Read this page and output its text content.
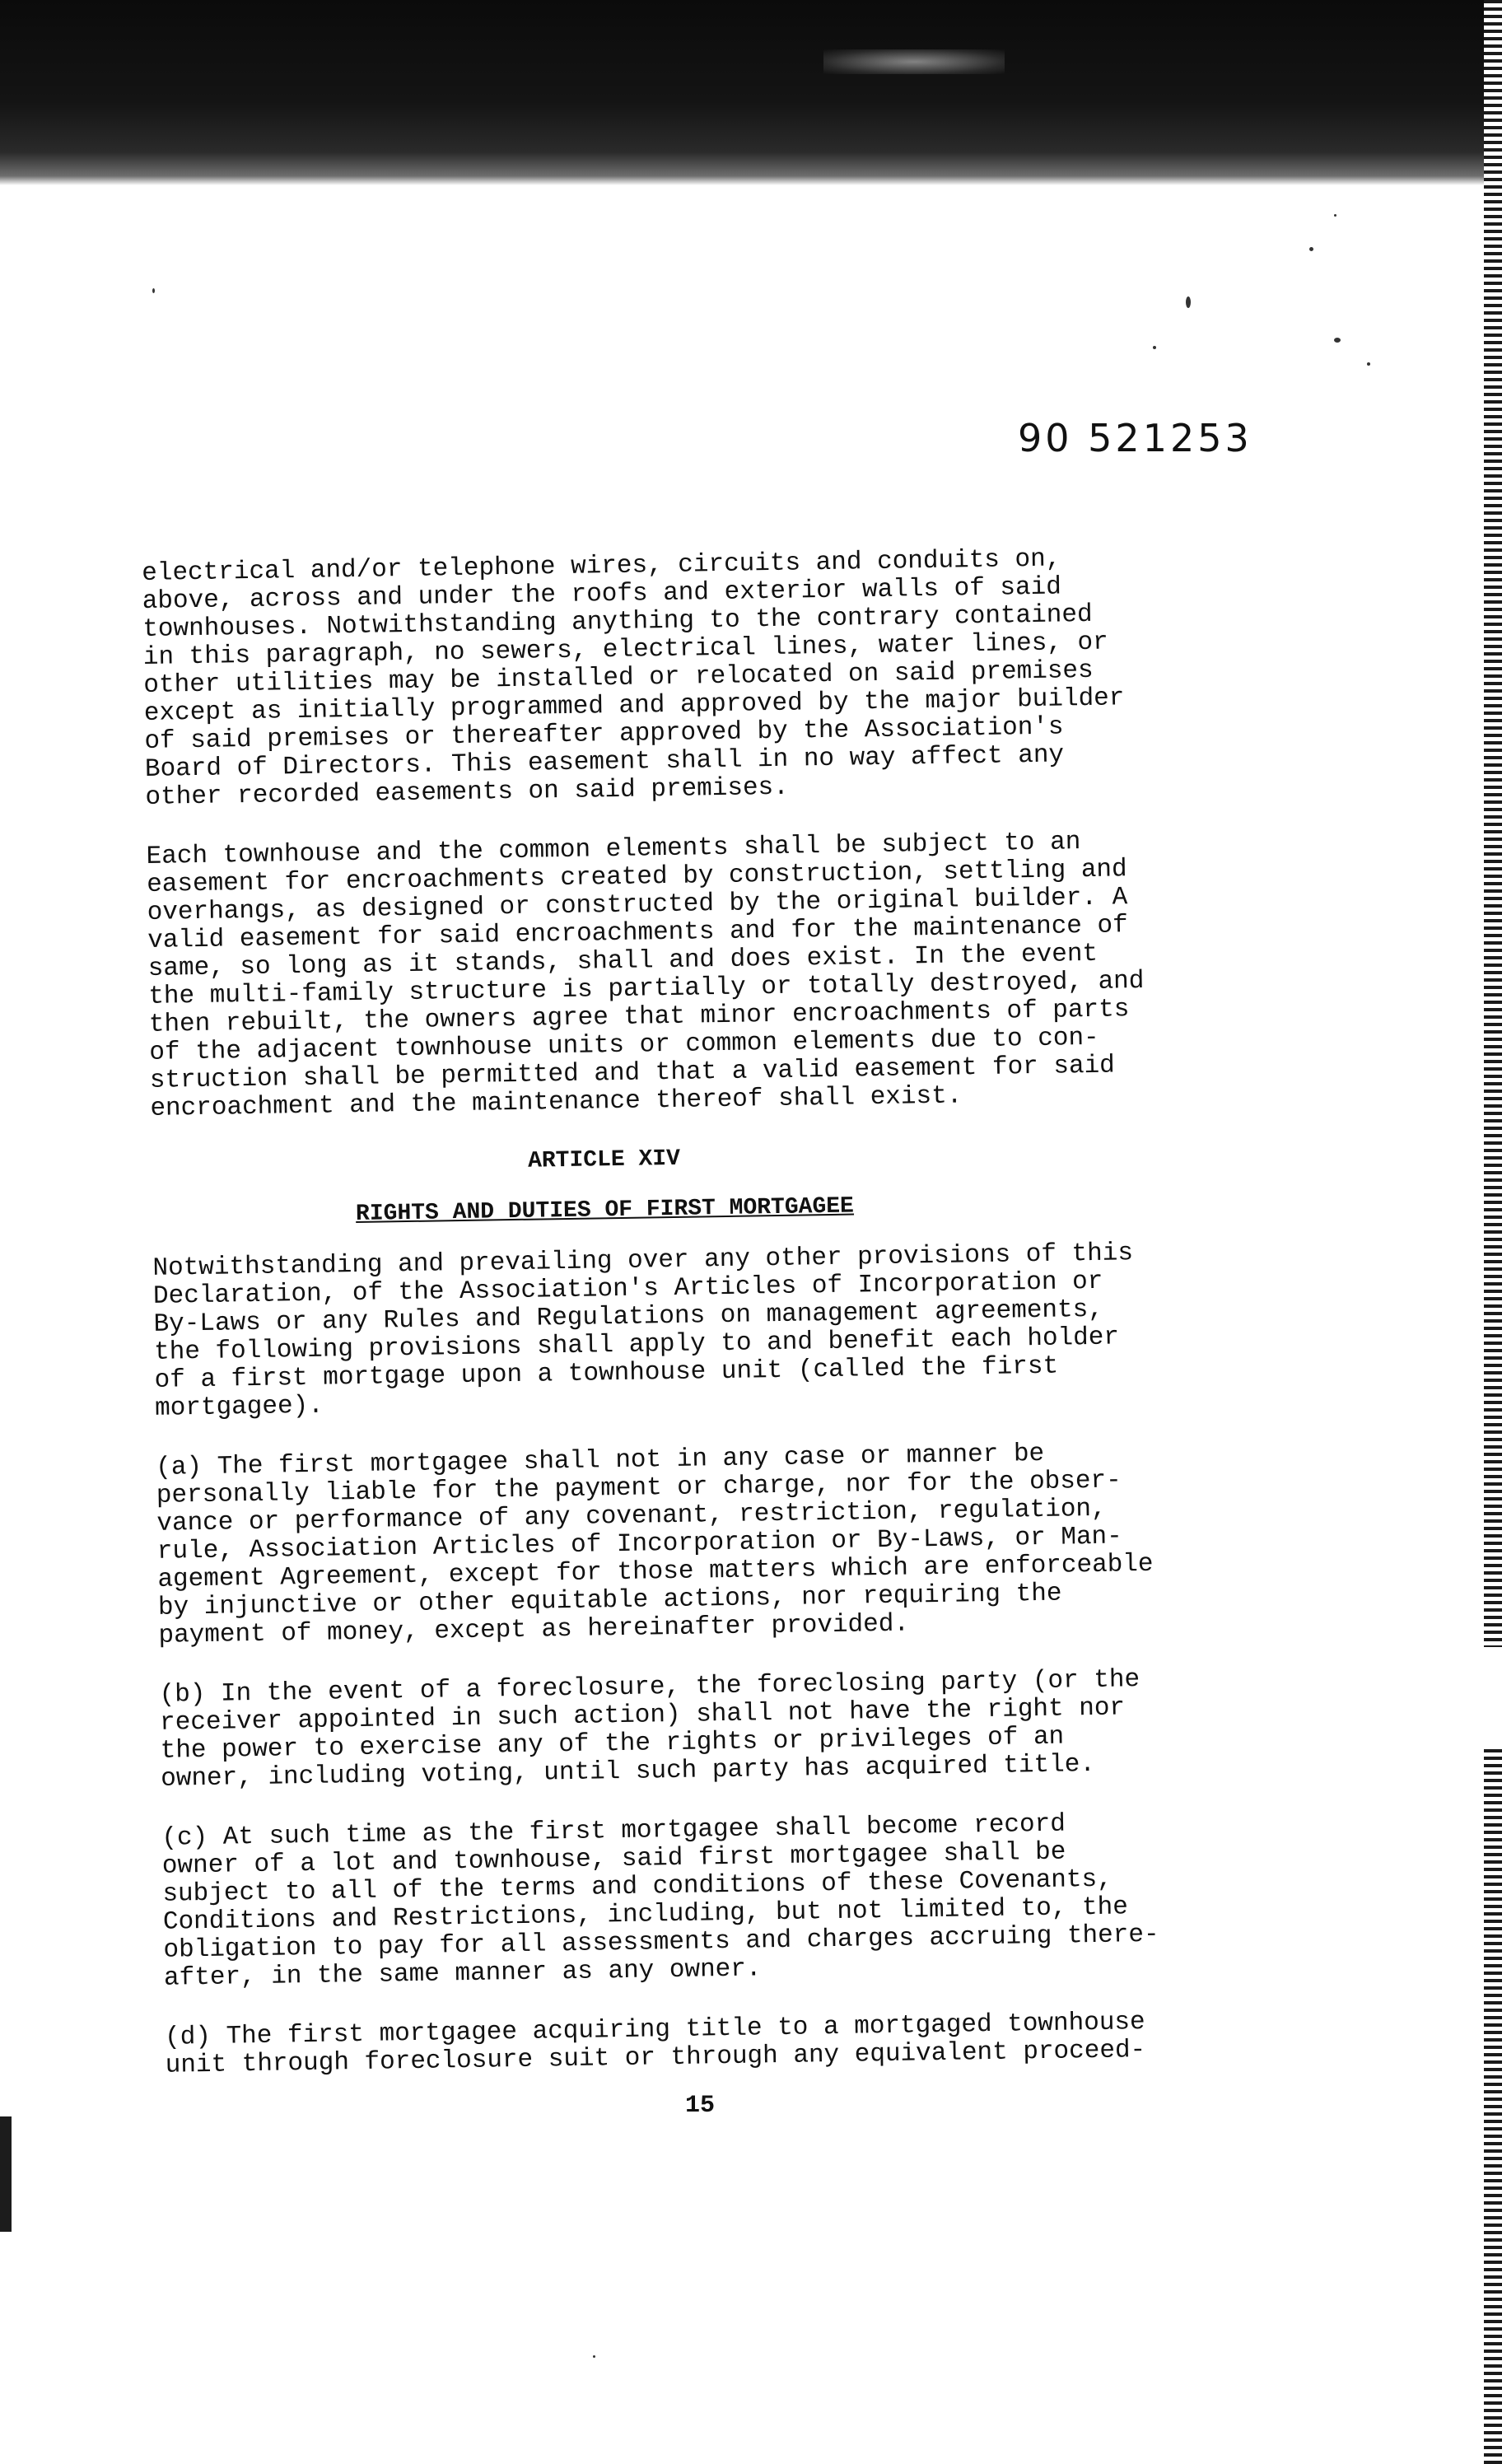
90 521253

electrical and/or telephone wires, circuits and conduits on,
above, across and under the roofs and exterior walls of said
townhouses. Notwithstanding anything to the contrary contained
in this paragraph, no sewers, electrical lines, water lines, or
other utilities may be installed or relocated on said premises
except as initially programmed and approved by the major builder
of said premises or thereafter approved by the Association's
Board of Directors. This easement shall in no way affect any
other recorded easements on said premises.

Each townhouse and the common elements shall be subject to an
easement for encroachments created by construction, settling and
overhangs, as designed or constructed by the original builder. A
valid easement for said encroachments and for the maintenance of
same, so long as it stands, shall and does exist. In the event
the multi-family structure is partially or totally destroyed, and
then rebuilt, the owners agree that minor encroachments of parts
of the adjacent townhouse units or common elements due to con-
struction shall be permitted and that a valid easement for said
encroachment and the maintenance thereof shall exist.

ARTICLE XIV
RIGHTS AND DUTIES OF FIRST MORTGAGEE

Notwithstanding and prevailing over any other provisions of this
Declaration, of the Association's Articles of Incorporation or
By-Laws or any Rules and Regulations on management agreements,
the following provisions shall apply to and benefit each holder
of a first mortgage upon a townhouse unit (called the first
mortgagee).

(a) The first mortgagee shall not in any case or manner be
personally liable for the payment or charge, nor for the obser-
vance or performance of any covenant, restriction, regulation,
rule, Association Articles of Incorporation or By-Laws, or Man-
agement Agreement, except for those matters which are enforceable
by injunctive or other equitable actions, nor requiring the
payment of money, except as hereinafter provided.

(b) In the event of a foreclosure, the foreclosing party (or the
receiver appointed in such action) shall not have the right nor
the power to exercise any of the rights or privileges of an
owner, including voting, until such party has acquired title.

(c) At such time as the first mortgagee shall become record
owner of a lot and townhouse, said first mortgagee shall be
subject to all of the terms and conditions of these Covenants,
Conditions and Restrictions, including, but not limited to, the
obligation to pay for all assessments and charges accruing there-
after, in the same manner as any owner.

(d) The first mortgagee acquiring title to a mortgaged townhouse
unit through foreclosure suit or through any equivalent proceed-

15
